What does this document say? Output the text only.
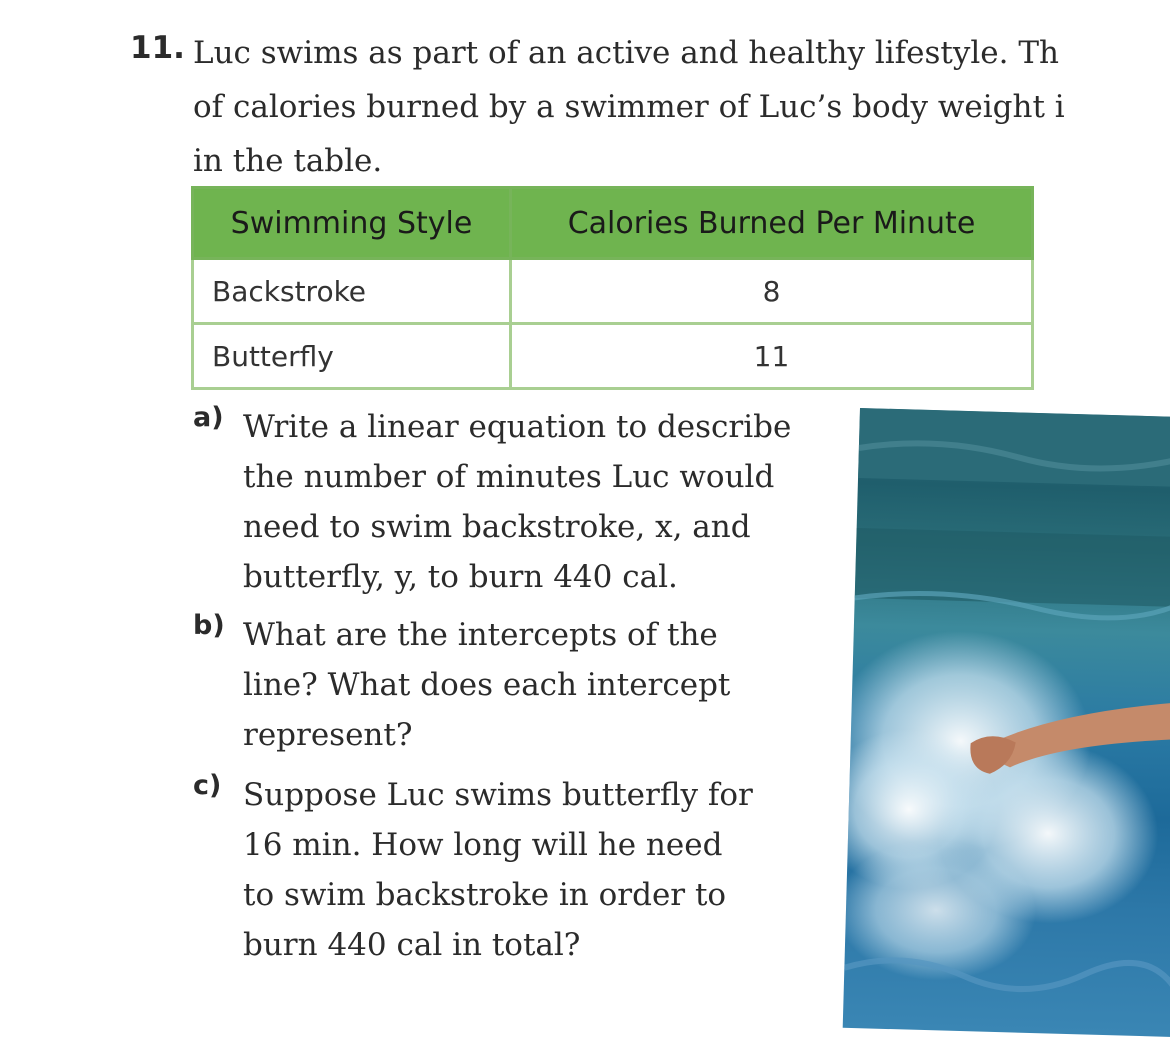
11. Luc swims as part of an active and healthy lifestyle. Th
of calories burned by a swimmer of Luc’s body weight i
in the table.
Swimming Style	Calories Burned Per Minute
Backstroke	8
Butterfly	11
a) Write a linear equation to describe
the number of minutes Luc would
need to swim backstroke, x, and
butterfly, y, to burn 440 cal.
b) What are the intercepts of the
line? What does each intercept
represent?
c) Suppose Luc swims butterfly for
16 min. How long will he need
to swim backstroke in order to
burn 440 cal in total?
